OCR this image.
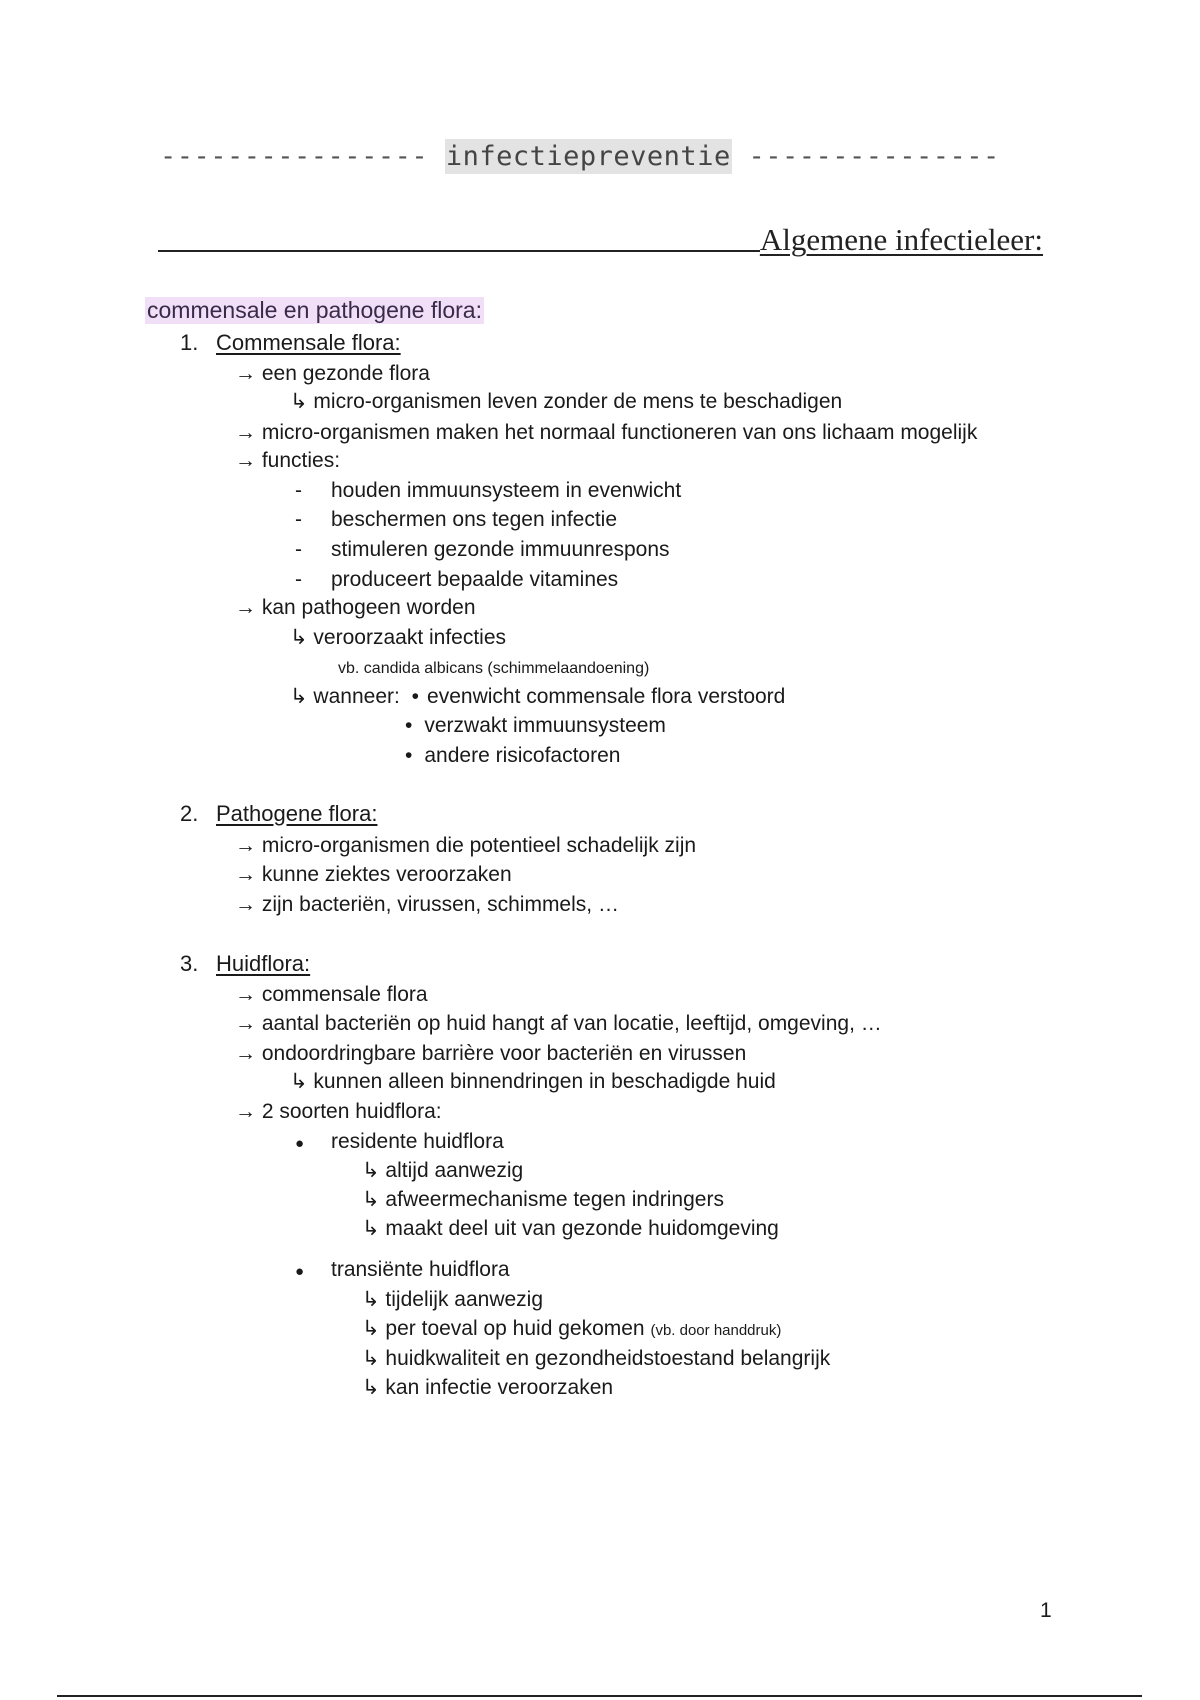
---------------- infectiepreventie ---------------
Algemene infectieleer:
commensale en pathogene flora:
1. Commensale flora:
→ een gezonde flora
↳ micro-organismen leven zonder de mens te beschadigen
→ micro-organismen maken het normaal functioneren van ons lichaam mogelijk
→ functies:
- houden immuunsysteem in evenwicht
- beschermen ons tegen infectie
- stimuleren gezonde immuunrespons
- produceert bepaalde vitamines
→ kan pathogeen worden
↳ veroorzaakt infecties
vb. candida albicans (schimmelaandoening)
↳ wanneer: • evenwicht commensale flora verstoord
• verzwakt immuunsysteem
• andere risicofactoren
2. Pathogene flora:
→ micro-organismen die potentieel schadelijk zijn
→ kunne ziektes veroorzaken
→ zijn bacteriën, virussen, schimmels, …
3. Huidflora:
→ commensale flora
→ aantal bacteriën op huid hangt af van locatie, leeftijd, omgeving, …
→ ondoordringbare barrière voor bacteriën en virussen
↳ kunnen alleen binnendringen in beschadigde huid
→ 2 soorten huidflora:
● residente huidflora
↳ altijd aanwezig
↳ afweermechanisme tegen indringers
↳ maakt deel uit van gezonde huidomgeving
● transiënte huidflora
↳ tijdelijk aanwezig
↳ per toeval op huid gekomen (vb. door handdruk)
↳ huidkwaliteit en gezondheidstoestand belangrijk
↳ kan infectie veroorzaken
1
